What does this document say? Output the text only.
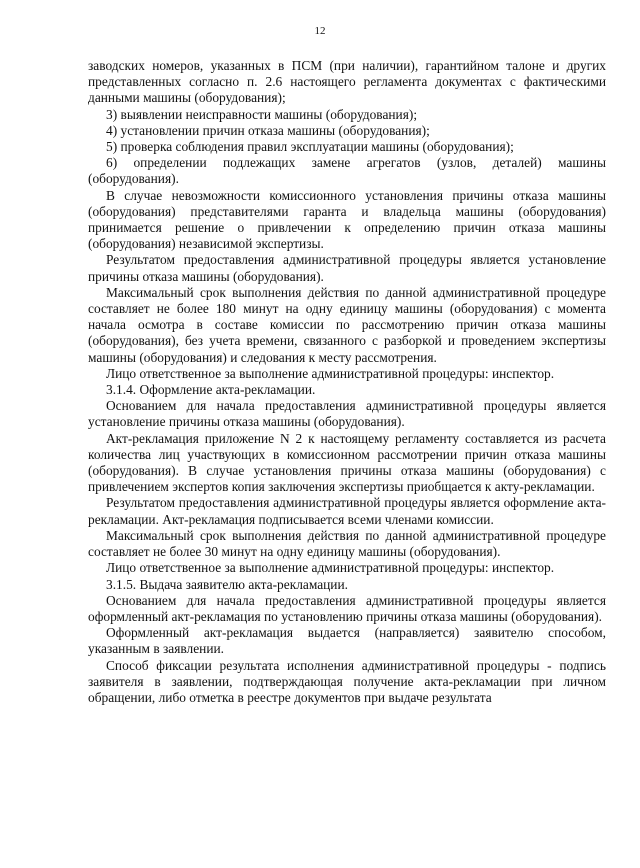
12

заводских номеров, указанных в ПСМ (при наличии), гарантийном талоне и других представленных согласно п. 2.6 настоящего регламента документах с фактическими данными машины (оборудования);

3) выявлении неисправности машины (оборудования);

4) установлении причин отказа машины (оборудования);

5) проверка соблюдения правил эксплуатации машины (оборудования);

6) определении подлежащих замене агрегатов (узлов, деталей) машины (оборудования).

В случае невозможности комиссионного установления причины отказа машины (оборудования) представителями гаранта и владельца машины (оборудования) принимается решение о привлечении к определению причин отказа машины (оборудования) независимой экспертизы.

Результатом предоставления административной процедуры является установление причины отказа машины (оборудования).

Максимальный срок выполнения действия по данной административной процедуре составляет не более 180 минут на одну единицу машины (оборудования) с момента начала осмотра в составе комиссии по рассмотрению причин отказа машины (оборудования), без учета времени, связанного с разборкой и проведением экспертизы машины (оборудования) и следования к месту рассмотрения.

Лицо ответственное за выполнение административной процедуры: инспектор.

3.1.4. Оформление акта-рекламации.

Основанием для начала предоставления административной процедуры является установление причины отказа машины (оборудования).

Акт-рекламация приложение N 2 к настоящему регламенту составляется из расчета количества лиц участвующих в комиссионном рассмотрении причин отказа машины (оборудования). В случае установления причины отказа машины (оборудования) с привлечением экспертов копия заключения экспертизы приобщается к акту-рекламации.

Результатом предоставления административной процедуры является оформление акта-рекламации. Акт-рекламация подписывается всеми членами комиссии.

Максимальный срок выполнения действия по данной административной процедуре составляет не более 30 минут на одну единицу машины (оборудования).

Лицо ответственное за выполнение административной процедуры: инспектор.

3.1.5. Выдача заявителю акта-рекламации.

Основанием для начала предоставления административной процедуры является оформленный акт-рекламация по установлению причины отказа машины (оборудования).

Оформленный акт-рекламация выдается (направляется) заявителю способом, указанным в заявлении.

Способ фиксации результата исполнения административной процедуры - подпись заявителя в заявлении, подтверждающая получение акта-рекламации при личном обращении, либо отметка в реестре документов при выдаче результата
